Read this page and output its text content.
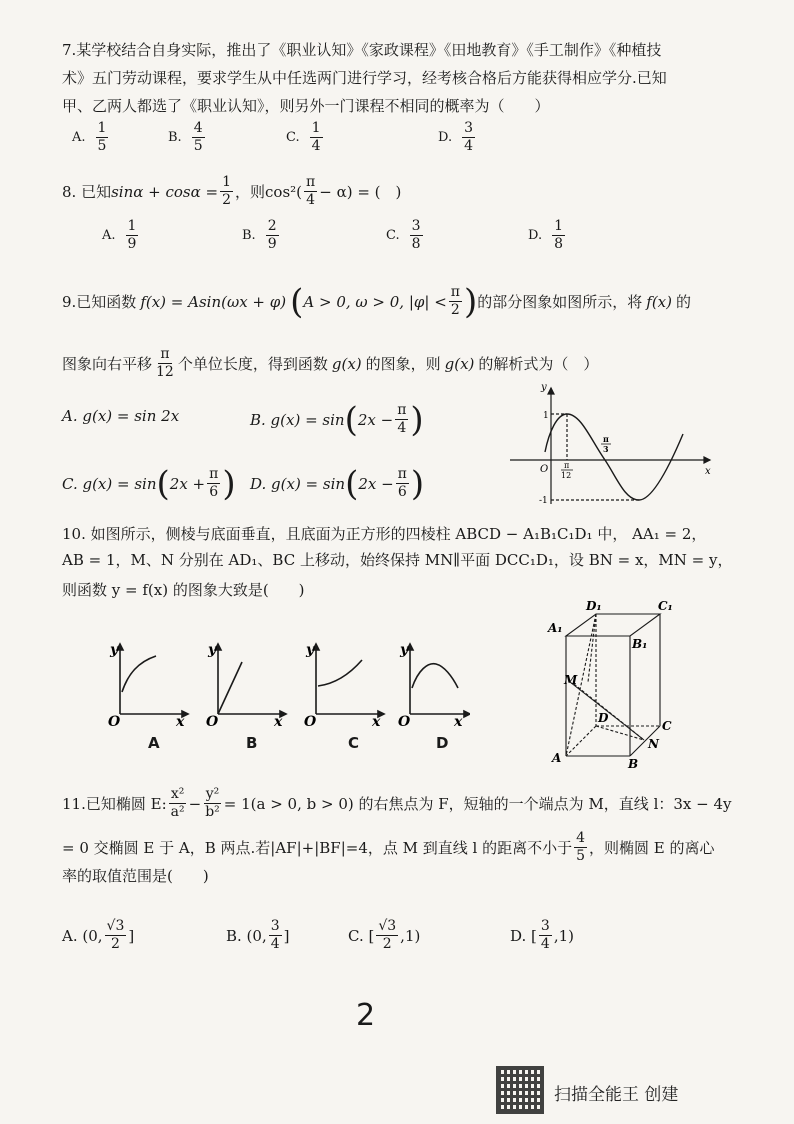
7.某学校结合自身实际，推出了《职业认知》《家政课程》《田地教育》《手工制作》《种植技
术》五门劳动课程，要求学生从中任选两门进行学习，经考核合格后方能获得相应学分.已知
甲、乙两人都选了《职业认知》，则另外一门课程不相同的概率为（　　）
A. $\frac{1}{5}$	B. $\frac{4}{5}$	C. $\frac{1}{4}$	D. $\frac{3}{4}$
8. 已知 $\sin\alpha + \cos\alpha = \frac{1}{2}$ ，则 $\cos^2( \frac{\pi}{4} - \alpha)$ = (　)
A. $\frac{1}{9}$	B. $\frac{2}{9}$	C. $\frac{3}{8}$	D. $\frac{1}{8}$
9.已知函数 f(x) = Asin(ωx + φ) ( A > 0, ω > 0, $|\varphi| < \frac{\pi}{2}$ ) 的部分图象如图所示，将 f(x) 的
图象向右平移 $\frac{\pi}{12}$ 个单位长度，得到函数 g(x) 的图象，则 g(x) 的解析式为（　）
A. g(x) = sin 2x	B. g(x) = sin ( $2x - \frac{\pi}{4}$ )
C. g(x) = sin ( $2x + \frac{\pi}{6}$ ) D. g(x) = sin ( $2x - \frac{\pi}{6}$ )
y
x
O
1
-1
π
12
π
3
10. 如图所示，侧棱与底面垂直，且底面为正方形的四棱柱 ABCD − A₁B₁C₁D₁ 中， AA₁ = 2，
AB = 1，M、N 分别在 AD₁、BC 上移动，始终保持 MN∥平面 DCC₁D₁，设 BN = x，MN = y，
则函数 y = f(x) 的图象大致是(　　)
y
x
O
y
x
O
y
x
O
y
x
O
A	B	C	D
A₁
D₁	C₁
B₁
M
D
C
N
A	B
11.已知椭圆 E: $\frac{\text{x²}}{\text{a²}} - \frac{\text{y²}}{\text{b²}} = 1(a > 0$, b > 0) 的右焦点为 F，短轴的一个端点为 M，直线 l：3x − 4y
= 0 交椭圆 E 于 A，B 两点.若|AF|+|BF|=4，点 M 到直线 l 的距离不小于 $\frac{4}{5}$ ，则椭圆 E 的离心
率的取值范围是(　　)
A. (0, $\frac{√3}{2}$ ]	B. (0, $\frac{3}{4}$ ]	C. [ $\frac{√3}{2} ,1$)	D. [ $\frac{3}{4} ,1$)
2
扫描全能王 创建
